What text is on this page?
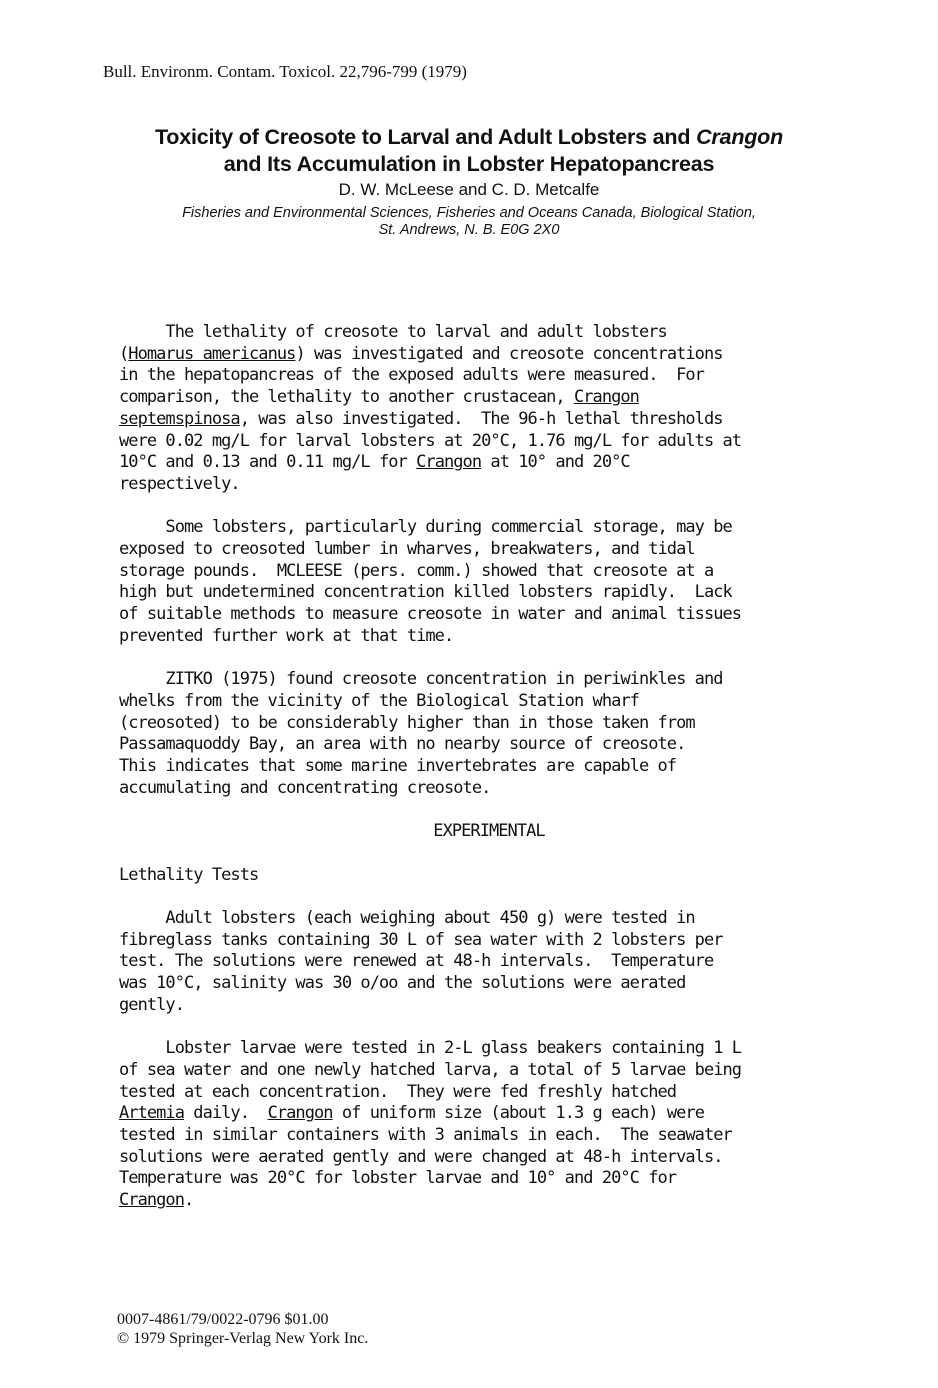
Bull. Environm. Contam. Toxicol. 22,796-799 (1979)
Toxicity of Creosote to Larval and Adult Lobsters and Crangon
and Its Accumulation in Lobster Hepatopancreas
D. W. McLeese and C. D. Metcalfe
Fisheries and Environmental Sciences, Fisheries and Oceans Canada, Biological Station,
St. Andrews, N. B. E0G 2X0
The lethality of creosote to larval and adult lobsters
(Homarus americanus) was investigated and creosote concentrations
in the hepatopancreas of the exposed adults were measured.  For
comparison, the lethality to another crustacean, Crangon
septemspinosa, was also investigated.  The 96-h lethal thresholds
were 0.02 mg/L for larval lobsters at 20°C, 1.76 mg/L for adults at
10°C and 0.13 and 0.11 mg/L for Crangon at 10° and 20°C
respectively.
Some lobsters, particularly during commercial storage, may be
exposed to creosoted lumber in wharves, breakwaters, and tidal
storage pounds.  MCLEESE (pers. comm.) showed that creosote at a
high but undetermined concentration killed lobsters rapidly.  Lack
of suitable methods to measure creosote in water and animal tissues
prevented further work at that time.
ZITKO (1975) found creosote concentration in periwinkles and
whelks from the vicinity of the Biological Station wharf
(creosoted) to be considerably higher than in those taken from
Passamaquoddy Bay, an area with no nearby source of creosote.
This indicates that some marine invertebrates are capable of
accumulating and concentrating creosote.
EXPERIMENTAL
Lethality Tests
Adult lobsters (each weighing about 450 g) were tested in
fibreglass tanks containing 30 L of sea water with 2 lobsters per
test. The solutions were renewed at 48-h intervals.  Temperature
was 10°C, salinity was 30 o/oo and the solutions were aerated
gently.
Lobster larvae were tested in 2-L glass beakers containing 1 L
of sea water and one newly hatched larva, a total of 5 larvae being
tested at each concentration.  They were fed freshly hatched
Artemia daily.  Crangon of uniform size (about 1.3 g each) were
tested in similar containers with 3 animals in each.  The seawater
solutions were aerated gently and were changed at 48-h intervals.
Temperature was 20°C for lobster larvae and 10° and 20°C for
Crangon.
0007-4861/79/0022-0796 $01.00
© 1979 Springer-Verlag New York Inc.
